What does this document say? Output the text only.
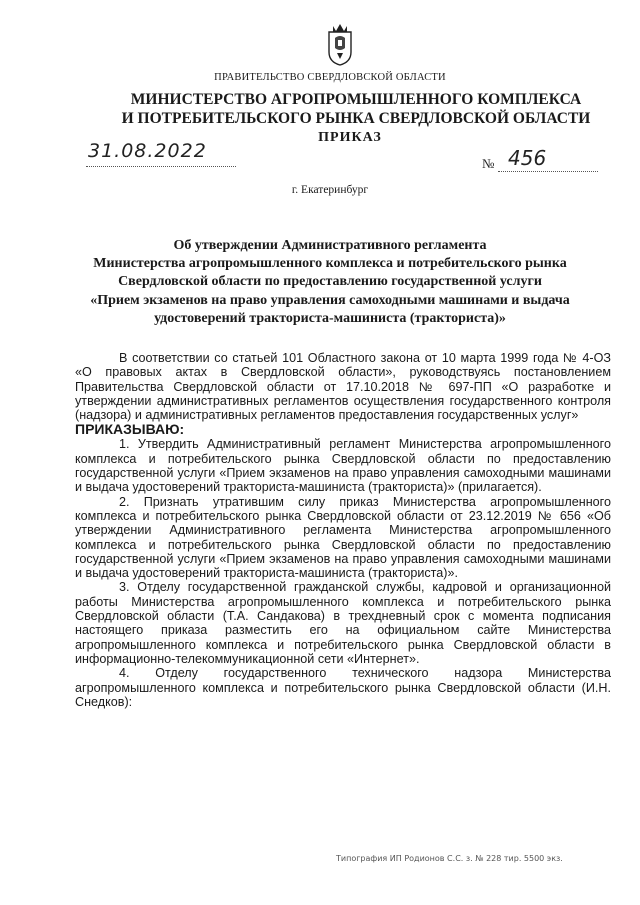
ПРАВИТЕЛЬСТВО СВЕРДЛОВСКОЙ ОБЛАСТИ
МИНИСТЕРСТВО АГРОПРОМЫШЛЕННОГО КОМПЛЕКСА
И ПОТРЕБИТЕЛЬСКОГО РЫНКА СВЕРДЛОВСКОЙ ОБЛАСТИ
ПРИКАЗ
31.08.2022
№ 456
г. Екатеринбург
Об утверждении Административного регламента
Министерства агропромышленного комплекса и потребительского рынка
Свердловской области по предоставлению государственной услуги
«Прием экзаменов на право управления самоходными машинами и выдача
удостоверений тракториста-машиниста (тракториста)»

В соответствии со статьей 101 Областного закона от 10 марта 1999 года № 4-ОЗ «О правовых актах в Свердловской области», руководствуясь постановлением Правительства Свердловской области от 17.10.2018 № 697-ПП «О разработке и утверждении административных регламентов осуществления государственного контроля (надзора) и административных регламентов предоставления государственных услуг»

ПРИКАЗЫВАЮ:

1. Утвердить Административный регламент Министерства агропромышленного комплекса и потребительского рынка Свердловской области по предоставлению государственной услуги «Прием экзаменов на право управления самоходными машинами и выдача удостоверений тракториста-машиниста (тракториста)» (прилагается).

2. Признать утратившим силу приказ Министерства агропромышленного комплекса и потребительского рынка Свердловской области от 23.12.2019 № 656 «Об утверждении Административного регламента Министерства агропромышленного комплекса и потребительского рынка Свердловской области по предоставлению государственной услуги «Прием экзаменов на право управления самоходными машинами и выдача удостоверений тракториста-машиниста (тракториста)».

3. Отделу государственной гражданской службы, кадровой и организационной работы Министерства агропромышленного комплекса и потребительского рынка Свердловской области (Т.А. Сандакова) в трехдневный срок с момента подписания настоящего приказа разместить его на официальном сайте Министерства агропромышленного комплекса и потребительского рынка Свердловской области в информационно-телекоммуникационной сети «Интернет».

4. Отделу государственного технического надзора Министерства агропромышленного комплекса и потребительского рынка Свердловской области (И.Н. Снедков):

Типография ИП Родионов С.С. з. № 228 тир. 5500 экз.
